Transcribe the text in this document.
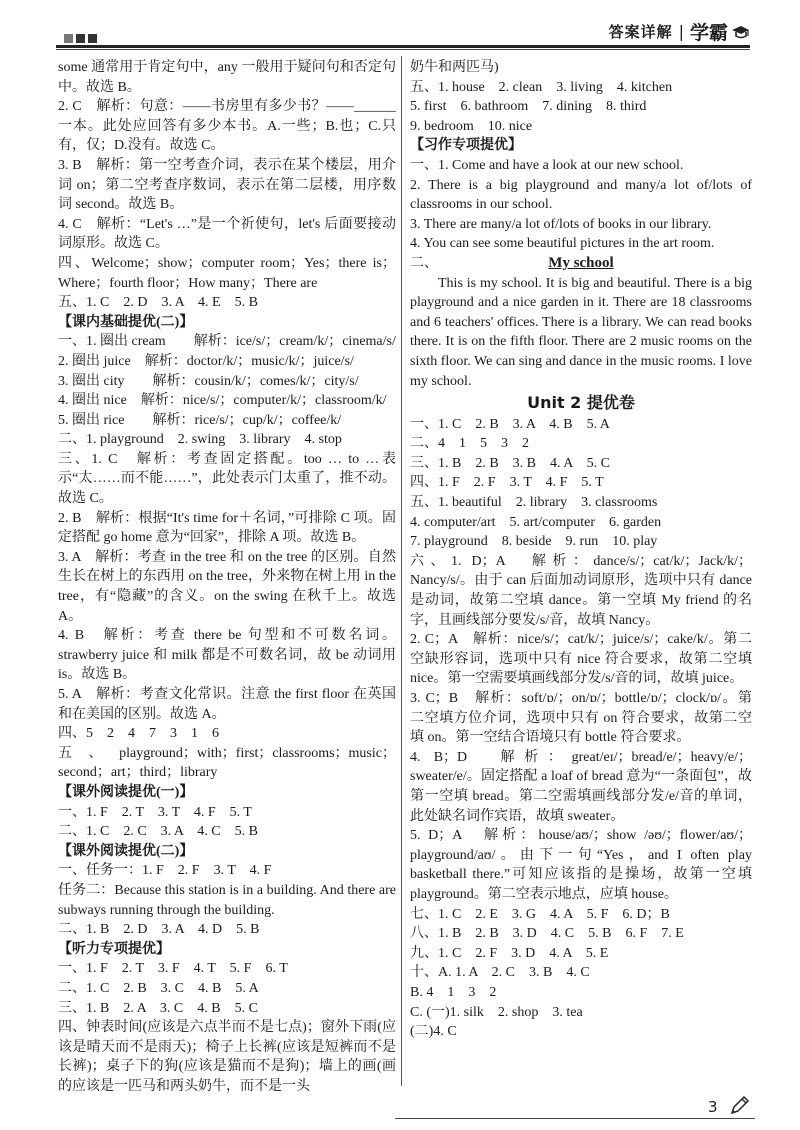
答案详解 | 学霸

some 通常用于肯定句中，any 一般用于疑问句和否定句中。故选 B。

2. C　解析：句意：——书房里有多少书？——______一本。此处应回答有多少本书。A.一些；B.也；C.只有，仅；D.没有。故选 C。

3. B　解析：第一空考查介词，表示在某个楼层，用介词 on；第二空考查序数词，表示在第二层楼，用序数词 second。故选 B。

4. C　解析：“Let's …”是一个祈使句，let's 后面要接动词原形。故选 C。

四、Welcome；show；computer room；Yes；there is；Where；fourth floor；How many；There are

五、1. C　2. D　3. A　4. E　5. B

【课内基础提优(二)】

一、1. 圈出 cream　　解析：ice/s/；cream/k/；cinema/s/

2. 圈出 juice　解析：doctor/k/；music/k/；juice/s/

3. 圈出 city　　解析：cousin/k/；comes/k/；city/s/

4. 圈出 nice　解析：nice/s/；computer/k/；classroom/k/

5. 圈出 rice　　解析：rice/s/；cup/k/；coffee/k/

二、1. playground　2. swing　3. library　4. stop

三、1. C　解析：考查固定搭配。too … to …表示“太……而不能……”，此处表示门太重了，推不动。故选 C。

2. B　解析：根据“It's time for＋名词，”可排除 C 项。固定搭配 go home 意为“回家”，排除 A 项。故选 B。

3. A　解析：考查 in the tree 和 on the tree 的区别。自然生长在树上的东西用 on the tree，外来物在树上用 in the tree，有“隐藏”的含义。on the swing 在秋千上。故选 A。

4. B　解析：考查 there be 句型和不可数名词。strawberry juice 和 milk 都是不可数名词，故 be 动词用 is。故选 B。

5. A　解析：考查文化常识。注意 the first floor 在英国和在美国的区别。故选 A。

四、5　2　4　7　3　1　6

五、playground；with；first；classrooms；music；second；art；third；library

【课外阅读提优(一)】

一、1. F　2. T　3. T　4. F　5. T

二、1. C　2. C　3. A　4. C　5. B

【课外阅读提优(二)】

一、任务一：1. F　2. F　3. T　4. F

任务二：Because this station is in a building. And there are subways running through the building.

二、1. B　2. D　3. A　4. D　5. B

【听力专项提优】

一、1. F　2. T　3. F　4. T　5. F　6. T

二、1. C　2. B　3. C　4. B　5. A

三、1. B　2. A　3. C　4. B　5. C

四、钟表时间(应该是六点半而不是七点)；窗外下雨(应该是晴天而不是雨天)；椅子上长裤(应该是短裤而不是长裤)；桌子下的狗(应该是猫而不是狗)；墙上的画(画的应该是一匹马和两头奶牛，而不是一头

奶牛和两匹马)

五、1. house　2. clean　3. living　4. kitchen

5. first　6. bathroom　7. dining　8. third

9. bedroom　10. nice

【习作专项提优】

一、1. Come and have a look at our new school.

2. There is a big playground and many/a lot of/lots of classrooms in our school.

3. There are many/a lot of/lots of books in our library.

4. You can see some beautiful pictures in the art room.

二、	My school

This is my school. It is big and beautiful. There is a big playground and a nice garden in it. There are 18 classrooms and 6 teachers' offices. There is a library. We can read books there. It is on the fifth floor. There are 2 music rooms on the sixth floor. We can sing and dance in the music rooms. I love my school.

Unit 2 提优卷

一、1. C　2. B　3. A　4. B　5. A

二、4　1　5　3　2

三、1. B　2. B　3. B　4. A　5. C

四、1. F　2. F　3. T　4. F　5. T

五、1. beautiful　2. library　3. classrooms

4. computer/art　5. art/computer　6. garden

7. playground　8. beside　9. run　10. play

六、1. D；A　解析：dance/s/；cat/k/；Jack/k/；Nancy/s/。由于 can 后面加动词原形，选项中只有 dance 是动词，故第二空填 dance。第一空填 My friend 的名字，且画线部分要发/s/音，故填 Nancy。

2. C；A　解析：nice/s/；cat/k/；juice/s/；cake/k/。第二空缺形容词，选项中只有 nice 符合要求，故第二空填 nice。第一空需要填画线部分发/s/音的词，故填 juice。

3. C；B　解析：soft/ɒ/；on/ɒ/；bottle/ɒ/；clock/ɒ/。第二空填方位介词，选项中只有 on 符合要求，故第二空填 on。第一空结合语境只有 bottle 符合要求。

4. B；D　解析：great/eɪ/；bread/e/；heavy/e/；sweater/e/。固定搭配 a loaf of bread 意为“一条面包”，故第一空填 bread。第二空需填画线部分发/e/音的单词，此处缺名词作宾语，故填 sweater。

5. D；A　解析：house/aʊ/；show /əʊ/；flower/aʊ/；playground/aʊ/。由下一句“Yes，and I often play basketball there.”可知应该指的是操场，故第一空填 playground。第二空表示地点，应填 house。

七、1. C　2. E　3. G　4. A　5. F　6. D；B

八、1. B　2. B　3. D　4. C　5. B　6. F　7. E

九、1. C　2. F　3. D　4. A　5. E

十、A. 1. A　2. C　3. B　4. C

B. 4　1　3　2

C. (一)1. silk　2. shop　3. tea

(二)4. C

3
